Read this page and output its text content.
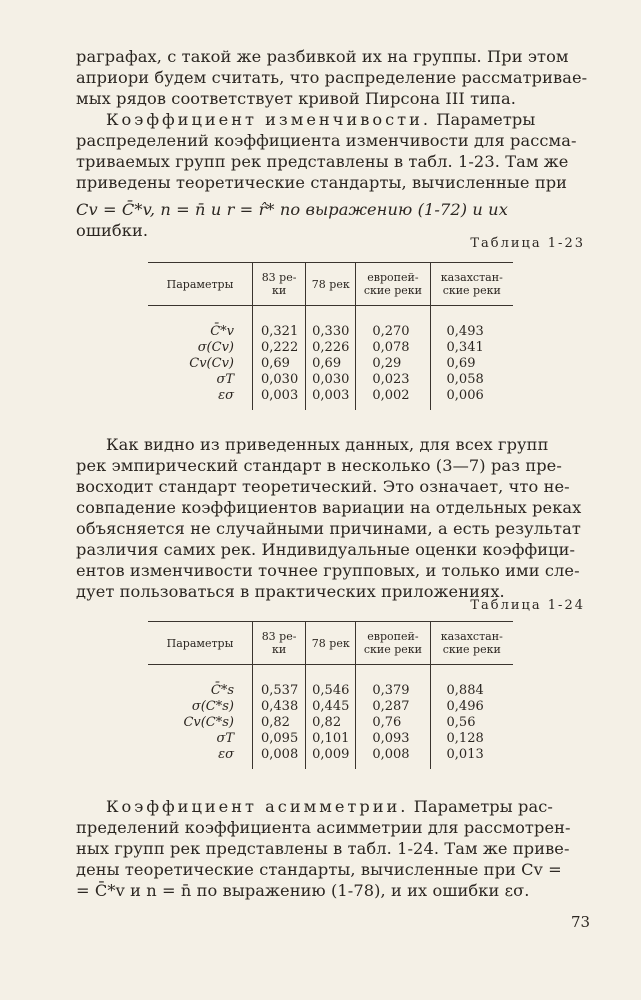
раграфах, с такой же разбивкой их на группы. При этом
априори будем считать, что распределение рассматривае-
мых рядов соответствует кривой Пирсона III типа.
Коэффициент изменчивости. Параметры
распределений коэффициента изменчивости для рассма-
триваемых групп рек представлены в табл. 1-23. Там же
приведены теоретические стандарты, вычисленные при
Cv = C̄*v, n = n̄ и r = r̂* по выражению (1-72) и их
ошибки.
Таблица 1-23
Параметры	83 ре-ки	78 рек	европей-ские реки	казахстан-ские реки
C̄*v	0,321	0,330	0,270	0,493
σ(Cv)	0,222	0,226	0,078	0,341
Cv(Cv)	0,69	0,69	0,29	0,69
σT	0,030	0,030	0,023	0,058
εσ	0,003	0,003	0,002	0,006
Как видно из приведенных данных, для всех групп
рек эмпирический стандарт в несколько (3—7) раз пре-
восходит стандарт теоретический. Это означает, что не-
совпадение коэффициентов вариации на отдельных реках
объясняется не случайными причинами, а есть результат
различия самих рек. Индивидуальные оценки коэффици-
ентов изменчивости точнее групповых, и только ими сле-
дует пользоваться в практических приложениях.
Таблица 1-24
Параметры	83 ре-ки	78 рек	европей-ские реки	казахстан-ские реки
C̄*s	0,537	0,546	0,379	0,884
σ(C*s)	0,438	0,445	0,287	0,496
Cv(C*s)	0,82	0,82	0,76	0,56
σT	0,095	0,101	0,093	0,128
εσ	0,008	0,009	0,008	0,013
Коэффициент асимметрии. Параметры рас-
пределений коэффициента асимметрии для рассмотрен-
ных групп рек представлены в табл. 1-24. Там же приве-
дены теоретические стандарты, вычисленные при Cv =
= C̄*v и n = n̄ по выражению (1-78), и их ошибки εσ.
73
